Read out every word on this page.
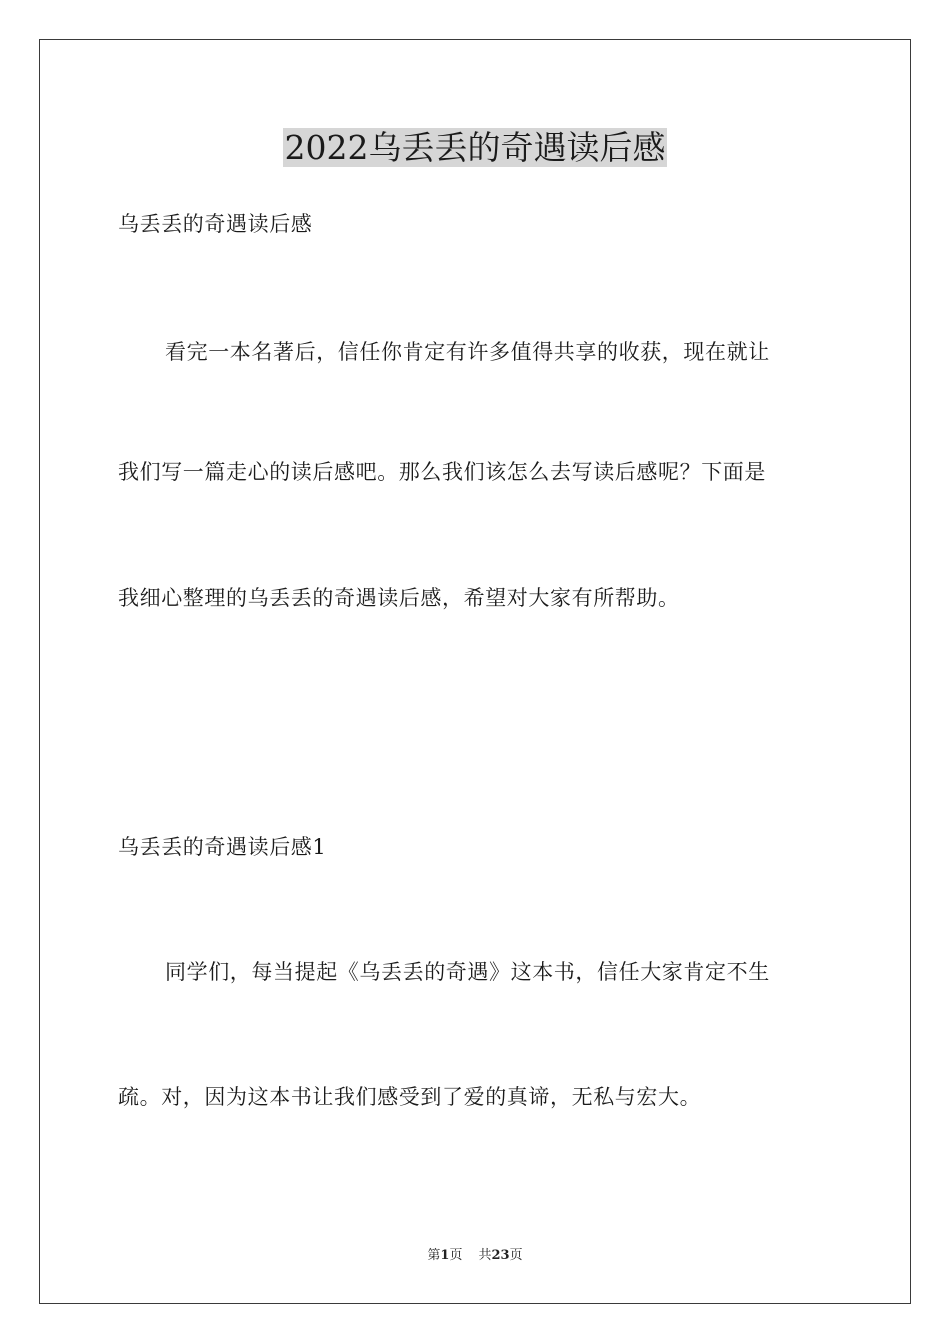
2022乌丢丢的奇遇读后感
乌丢丢的奇遇读后感
看完一本名著后，信任你肯定有许多值得共享的收获，现在就让
我们写一篇走心的读后感吧。那么我们该怎么去写读后感呢？下面是
我细心整理的乌丢丢的奇遇读后感，希望对大家有所帮助。
乌丢丢的奇遇读后感1
同学们，每当提起《乌丢丢的奇遇》这本书，信任大家肯定不生
疏。对，因为这本书让我们感受到了爱的真谛，无私与宏大。
第1页 共23页
